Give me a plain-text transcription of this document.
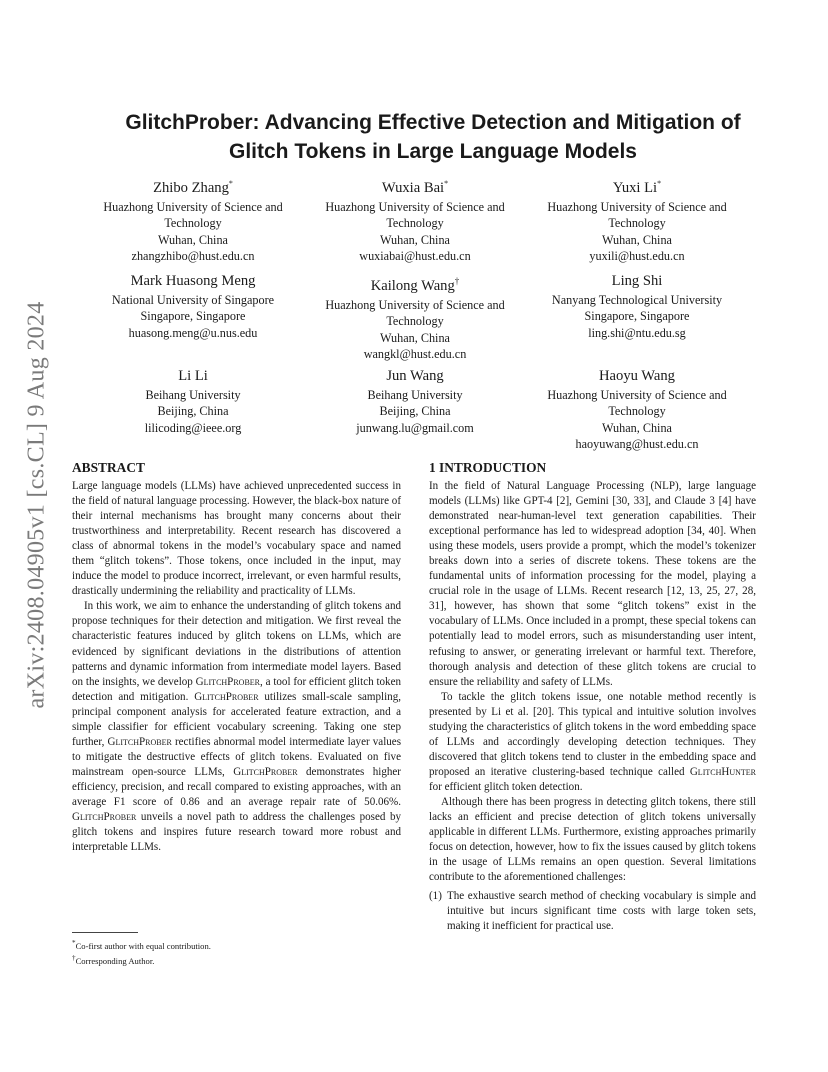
arXiv:2408.04905v1 [cs.CL] 9 Aug 2024
GlitchProber: Advancing Effective Detection and Mitigation of
Glitch Tokens in Large Language Models
Zhibo Zhang*
Huazhong University of Science and
Technology
Wuhan, China
zhangzhibo@hust.edu.cn
Wuxia Bai*
Huazhong University of Science and
Technology
Wuhan, China
wuxiabai@hust.edu.cn
Yuxi Li*
Huazhong University of Science and
Technology
Wuhan, China
yuxili@hust.edu.cn
Mark Huasong Meng
National University of Singapore
Singapore, Singapore
huasong.meng@u.nus.edu
Kailong Wang†
Huazhong University of Science and
Technology
Wuhan, China
wangkl@hust.edu.cn
Ling Shi
Nanyang Technological University
Singapore, Singapore
ling.shi@ntu.edu.sg
Li Li
Beihang University
Beijing, China
lilicoding@ieee.org
Jun Wang
Beihang University
Beijing, China
junwang.lu@gmail.com
Haoyu Wang
Huazhong University of Science and
Technology
Wuhan, China
haoyuwang@hust.edu.cn
ABSTRACT

Large language models (LLMs) have achieved unprecedented success in the field of natural language processing. However, the black-box nature of their internal mechanisms has brought many concerns about their trustworthiness and interpretability. Recent research has discovered a class of abnormal tokens in the model’s vocabulary space and named them “glitch tokens”. Those tokens, once included in the input, may induce the model to produce incorrect, irrelevant, or even harmful results, drastically undermining the reliability and practicality of LLMs.

In this work, we aim to enhance the understanding of glitch tokens and propose techniques for their detection and mitigation. We first reveal the characteristic features induced by glitch tokens on LLMs, which are evidenced by significant deviations in the distributions of attention patterns and dynamic information from intermediate model layers. Based on the insights, we develop GlitchProber, a tool for efficient glitch token detection and mitigation. GlitchProber utilizes small-scale sampling, principal component analysis for accelerated feature extraction, and a simple classifier for efficient vocabulary screening. Taking one step further, GlitchProber rectifies abnormal model intermediate layer values to mitigate the destructive effects of glitch tokens. Evaluated on five mainstream open-source LLMs, GlitchProber demonstrates higher efficiency, precision, and recall compared to existing approaches, with an average F1 score of 0.86 and an average repair rate of 50.06%. GlitchProber unveils a novel path to address the challenges posed by glitch tokens and inspires future research toward more robust and interpretable LLMs.

*Co-first author with equal contribution.
†Corresponding Author.
1 INTRODUCTION

In the field of Natural Language Processing (NLP), large language models (LLMs) like GPT-4 [2], Gemini [30, 33], and Claude 3 [4] have demonstrated near-human-level text generation capabilities. Their exceptional performance has led to widespread adoption [34, 40]. When using these models, users provide a prompt, which the model’s tokenizer breaks down into a series of discrete tokens. These tokens are the fundamental units of information processing for the model, playing a crucial role in the usage of LLMs. Recent research [12, 13, 25, 27, 28, 31], however, has shown that some “glitch tokens” exist in the vocabulary of LLMs. Once included in a prompt, these special tokens can potentially lead to model errors, such as misunderstanding user intent, refusing to answer, or generating irrelevant or harmful text. Therefore, thorough analysis and detection of these glitch tokens are crucial to ensure the reliability and safety of LLMs.

To tackle the glitch tokens issue, one notable method recently is presented by Li et al. [20]. This typical and intuitive solution involves studying the characteristics of glitch tokens in the word embedding space of LLMs and accordingly developing detection techniques. They discovered that glitch tokens tend to cluster in the embedding space and proposed an iterative clustering-based technique called GlitchHunter for efficient glitch token detection.

Although there has been progress in detecting glitch tokens, there still lacks an efficient and precise detection of glitch tokens universally applicable in different LLMs. Furthermore, existing approaches primarily focus on detection, however, how to fix the issues caused by glitch tokens in the usage of LLMs remains an open question. Several limitations contribute to the aforementioned challenges:

(1) The exhaustive search method of checking vocabulary is simple and intuitive but incurs significant time costs with large token sets, making it inefficient for practical use.
